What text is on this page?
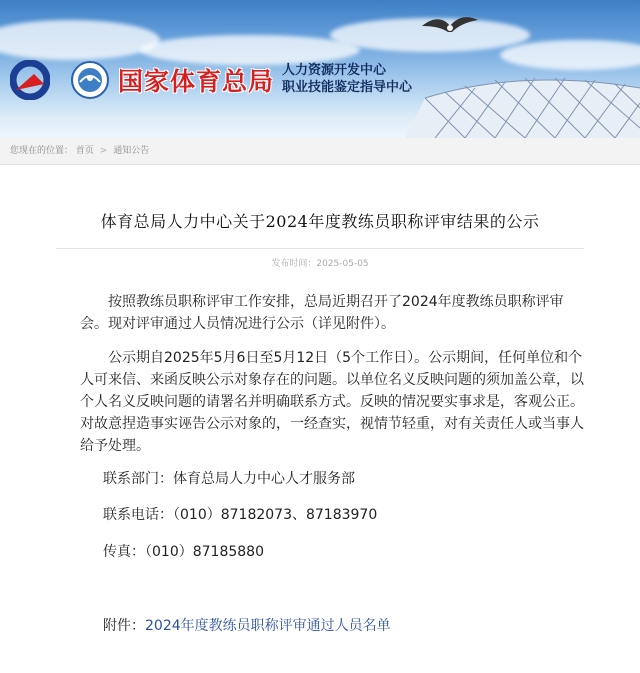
国家体育总局 人力资源开发中心
职业技能鉴定指导中心
您现在的位置： 首页 > 通知公告
体育总局人力中心关于2024年度教练员职称评审结果的公示
发布时间：2025-05-05

按照教练员职称评审工作安排，总局近期召开了2024年度教练员职称评审会。现对评审通过人员情况进行公示（详见附件）。

公示期自2025年5月6日至5月12日（5个工作日）。公示期间，任何单位和个人可来信、来函反映公示对象存在的问题。以单位名义反映问题的须加盖公章，以个人名义反映问题的请署名并明确联系方式。反映的情况要实事求是，客观公正。对故意捏造事实诬告公示对象的，一经查实，视情节轻重，对有关责任人或当事人给予处理。

联系部门：体育总局人力中心人才服务部
联系电话：（010）87182073、87183970
传真：（010）87185880
附件：2024年度教练员职称评审通过人员名单
